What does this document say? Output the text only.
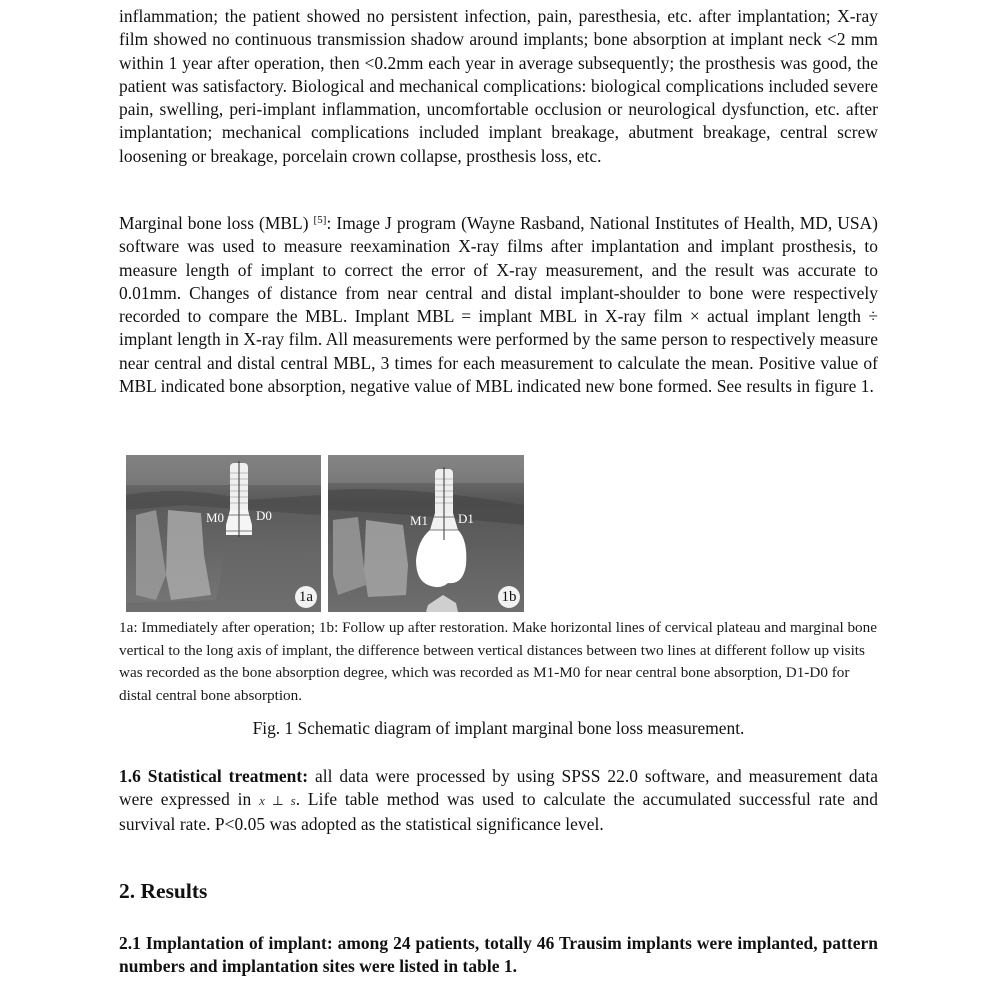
inflammation; the patient showed no persistent infection, pain, paresthesia, etc. after implantation; X-ray film showed no continuous transmission shadow around implants; bone absorption at implant neck <2 mm within 1 year after operation, then <0.2mm each year in average subsequently; the prosthesis was good, the patient was satisfactory. Biological and mechanical complications: biological complications included severe pain, swelling, peri-implant inflammation, uncomfortable occlusion or neurological dysfunction, etc. after implantation; mechanical complications included implant breakage, abutment breakage, central screw loosening or breakage, porcelain crown collapse, prosthesis loss, etc.

Marginal bone loss (MBL) [5]: Image J program (Wayne Rasband, National Institutes of Health, MD, USA) software was used to measure reexamination X-ray films after implantation and implant prosthesis, to measure length of implant to correct the error of X-ray measurement, and the result was accurate to 0.01mm. Changes of distance from near central and distal implant-shoulder to bone were respectively recorded to compare the MBL. Implant MBL = implant MBL in X-ray film × actual implant length ÷ implant length in X-ray film. All measurements were performed by the same person to respectively measure near central and distal central MBL, 3 times for each measurement to calculate the mean. Positive value of MBL indicated bone absorption, negative value of MBL indicated new bone formed. See results in figure 1.

M0 D0
1a
M1 D1
1b

1a: Immediately after operation; 1b: Follow up after restoration. Make horizontal lines of cervical plateau and marginal bone vertical to the long axis of implant, the difference between vertical distances between two lines at different follow up visits was recorded as the bone absorption degree, which was recorded as M1-M0 for near central bone absorption, D1-D0 for distal central bone absorption.

Fig. 1 Schematic diagram of implant marginal bone loss measurement.

1.6 Statistical treatment: all data were processed by using SPSS 22.0 software, and measurement data were expressed in x ⊥ s. Life table method was used to calculate the accumulated successful rate and survival rate. P<0.05 was adopted as the statistical significance level.

2. Results

2.1 Implantation of implant: among 24 patients, totally 46 Trausim implants were implanted, pattern numbers and implantation sites were listed in table 1.
